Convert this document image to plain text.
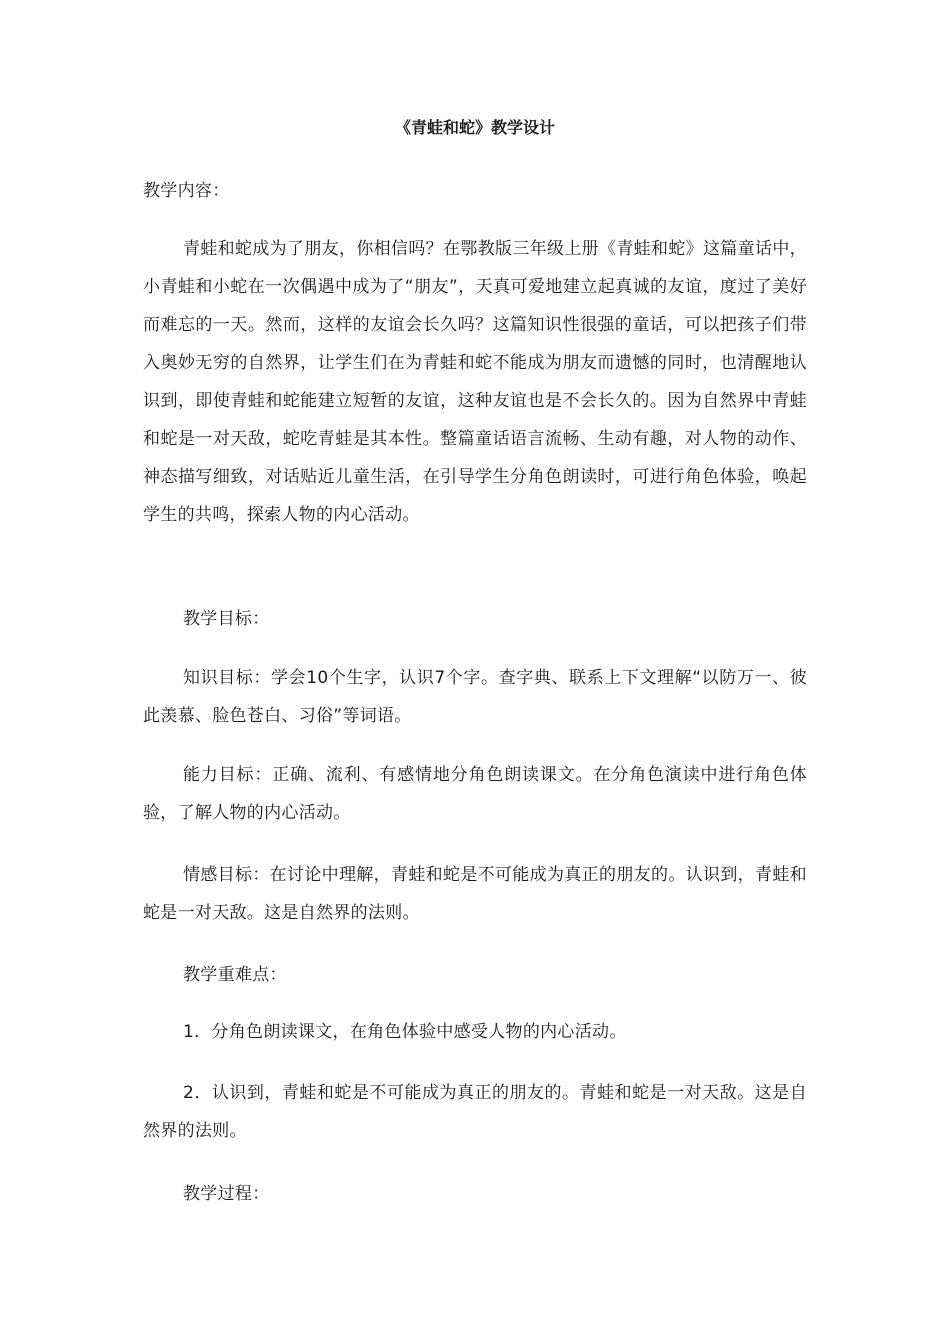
《青蛙和蛇》教学设计

教学内容：

青蛙和蛇成为了朋友，你相信吗？在鄂教版三年级上册《青蛙和蛇》这篇童话中，小青蛙和小蛇在一次偶遇中成为了“朋友”，天真可爱地建立起真诚的友谊，度过了美好而难忘的一天。然而，这样的友谊会长久吗？这篇知识性很强的童话，可以把孩子们带入奥妙无穷的自然界，让学生们在为青蛙和蛇不能成为朋友而遗憾的同时，也清醒地认识到，即使青蛙和蛇能建立短暂的友谊，这种友谊也是不会长久的。因为自然界中青蛙和蛇是一对天敌，蛇吃青蛙是其本性。整篇童话语言流畅、生动有趣，对人物的动作、神态描写细致，对话贴近儿童生活，在引导学生分角色朗读时，可进行角色体验，唤起学生的共鸣，探索人物的内心活动。

教学目标：

知识目标：学会10个生字，认识7个字。查字典、联系上下文理解“以防万一、彼此羡慕、脸色苍白、习俗”等词语。

能力目标：正确、流利、有感情地分角色朗读课文。在分角色演读中进行角色体验，了解人物的内心活动。

情感目标：在讨论中理解，青蛙和蛇是不可能成为真正的朋友的。认识到，青蛙和蛇是一对天敌。这是自然界的法则。

教学重难点：

1．分角色朗读课文，在角色体验中感受人物的内心活动。

2．认识到，青蛙和蛇是不可能成为真正的朋友的。青蛙和蛇是一对天敌。这是自然界的法则。

教学过程：
